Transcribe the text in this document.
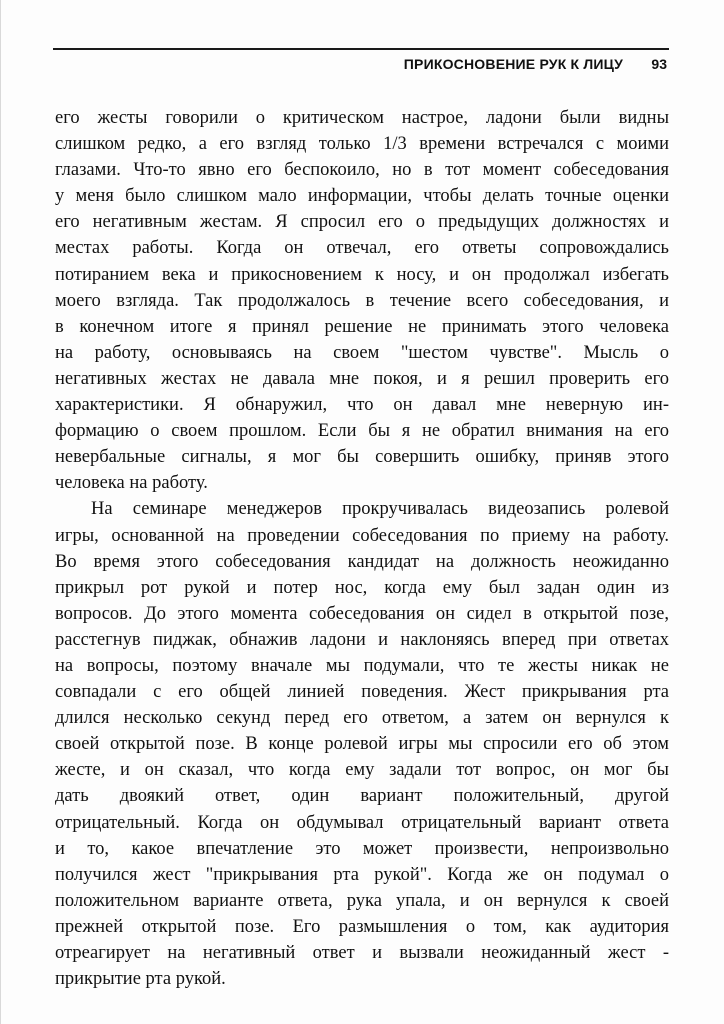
ПРИКОСНОВЕНИЕ РУК К ЛИЦУ 93

его жесты говорили о критическом настрое, ладони были видны

слишком редко, а его взгляд только 1/3 времени встречался с моими

глазами. Что-то явно его беспокоило, но в тот момент собеседования

у меня было слишком мало информации, чтобы делать точные оценки

его негативным жестам. Я спросил его о предыдущих должностях и

местах работы. Когда он отвечал, его ответы сопровождались

потиранием века и прикосновением к носу, и он продолжал избегать

моего взгляда. Так продолжалось в течение всего собеседования, и

в конечном итоге я принял решение не принимать этого человека

на работу, основываясь на своем "шестом чувстве". Мысль о

негативных жестах не давала мне покоя, и я решил проверить его

характеристики. Я обнаружил, что он давал мне неверную ин-

формацию о своем прошлом. Если бы я не обратил внимания на его

невербальные сигналы, я мог бы совершить ошибку, приняв этого

человека на работу.

На семинаре менеджеров прокручивалась видеозапись ролевой

игры, основанной на проведении собеседования по приему на работу.

Во время этого собеседования кандидат на должность неожиданно

прикрыл рот рукой и потер нос, когда ему был задан один из

вопросов. До этого момента собеседования он сидел в открытой позе,

расстегнув пиджак, обнажив ладони и наклоняясь вперед при ответах

на вопросы, поэтому вначале мы подумали, что те жесты никак не

совпадали с его общей линией поведения. Жест прикрывания рта

длился несколько секунд перед его ответом, а затем он вернулся к

своей открытой позе. В конце ролевой игры мы спросили его об этом

жесте, и он сказал, что когда ему задали тот вопрос, он мог бы

дать двоякий ответ, один вариант положительный, другой

отрицательный. Когда он обдумывал отрицательный вариант ответа

и то, какое впечатление это может произвести, непроизвольно

получился жест "прикрывания рта рукой". Когда же он подумал о

положительном варианте ответа, рука упала, и он вернулся к своей

прежней открытой позе. Его размышления о том, как аудитория

отреагирует на негативный ответ и вызвали неожиданный жест -

прикрытие рта рукой.
